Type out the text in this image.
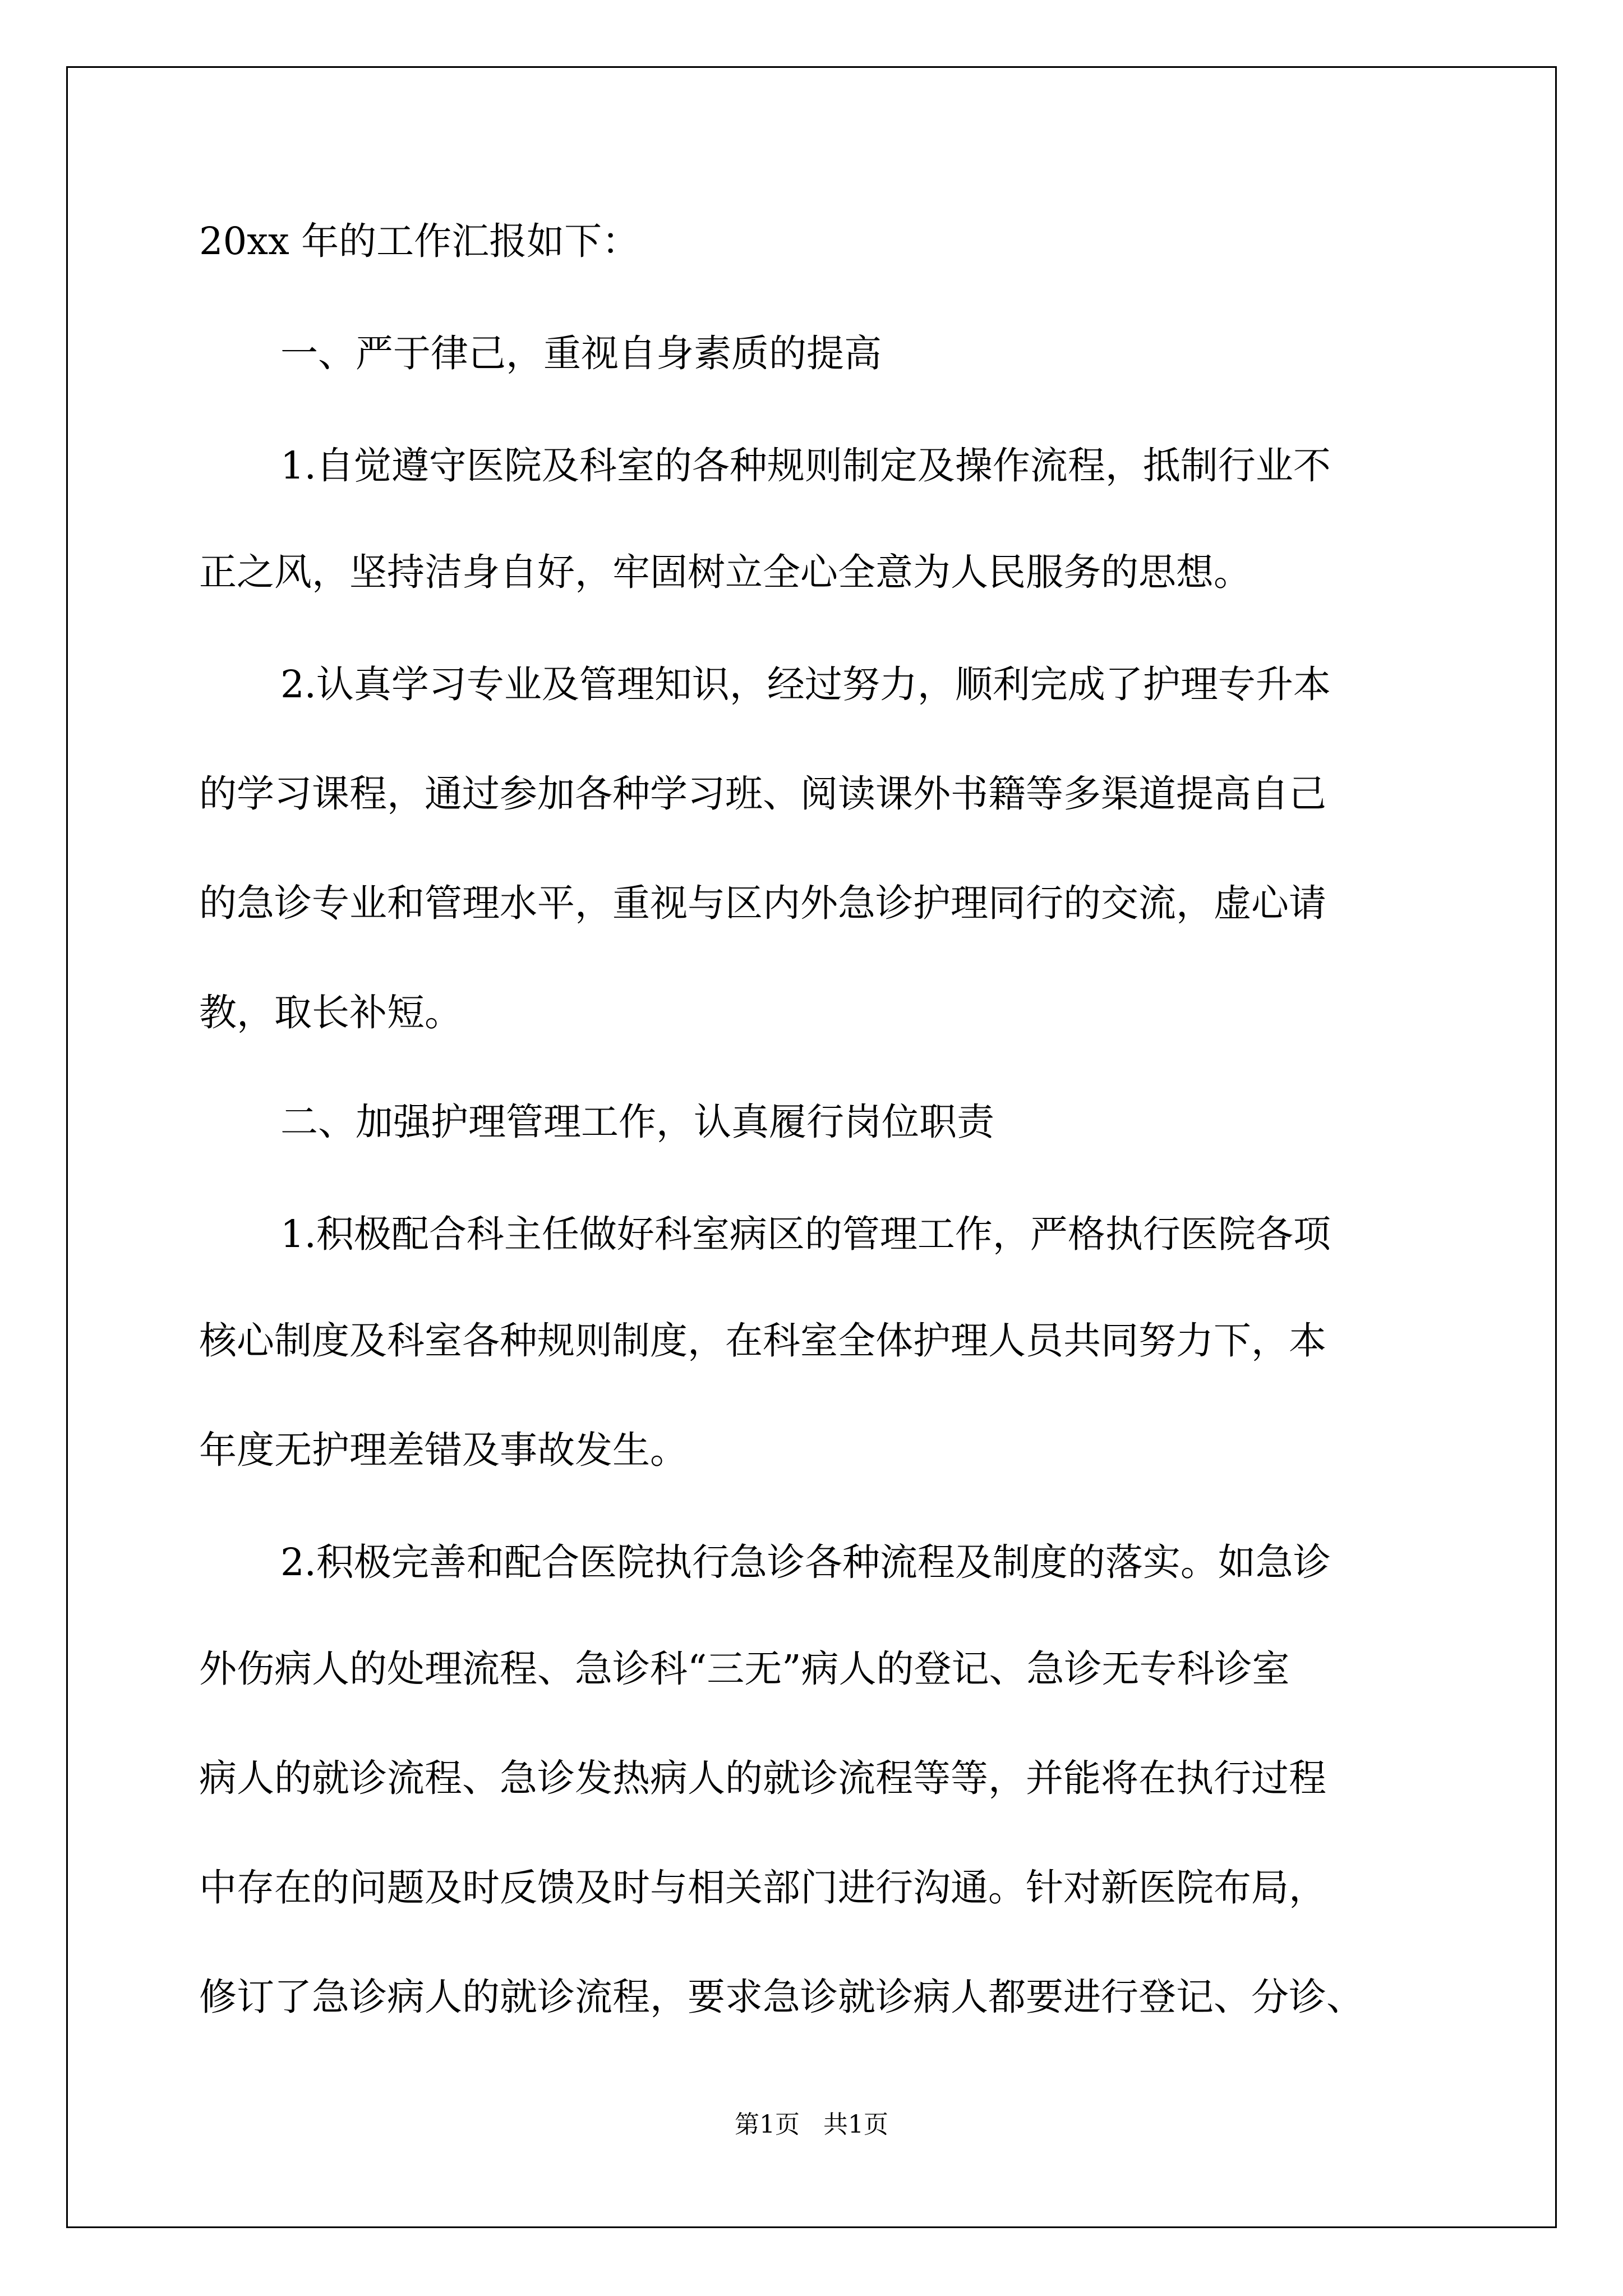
20xx 年的工作汇报如下：
一、严于律己，重视自身素质的提高
1.自觉遵守医院及科室的各种规则制定及操作流程，抵制行业不
正之风，坚持洁身自好，牢固树立全心全意为人民服务的思想。
2.认真学习专业及管理知识，经过努力，顺利完成了护理专升本
的学习课程，通过参加各种学习班、阅读课外书籍等多渠道提高自己
的急诊专业和管理水平，重视与区内外急诊护理同行的交流，虚心请
教，取长补短。
二、加强护理管理工作，认真履行岗位职责
1.积极配合科主任做好科室病区的管理工作，严格执行医院各项
核心制度及科室各种规则制度，在科室全体护理人员共同努力下，本
年度无护理差错及事故发生。
2.积极完善和配合医院执行急诊各种流程及制度的落实。如急诊
外伤病人的处理流程、急诊科“三无”病人的登记、急诊无专科诊室
病人的就诊流程、急诊发热病人的就诊流程等等，并能将在执行过程
中存在的问题及时反馈及时与相关部门进行沟通。针对新医院布局，
修订了急诊病人的就诊流程，要求急诊就诊病人都要进行登记、分诊、
第1页   共1页
